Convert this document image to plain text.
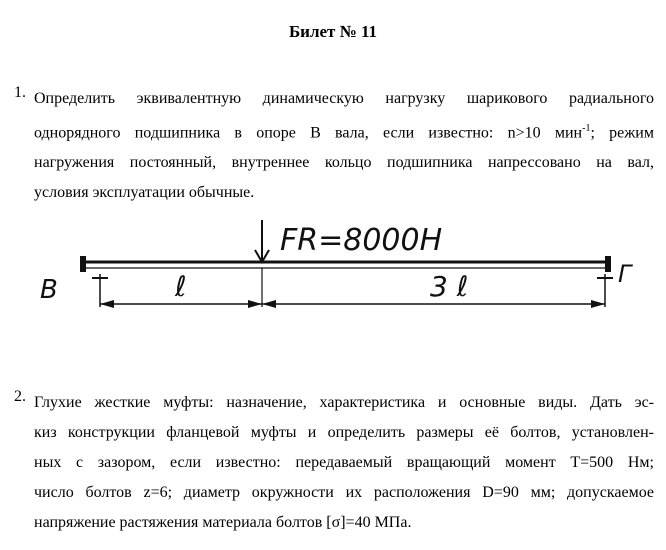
Билет № 11
1. Определить эквивалентную динамическую нагрузку шарикового радиального
однорядного подшипника в опоре В вала, если известно: n>10 мин$^{-1}$; режим
нагружения постоянный, внутреннее кольцо подшипника напрессовано на вал,
условия эксплуатации обычные.
FR=8000H
В
Г
ℓ	3 ℓ
2. Глухие жесткие муфты: назначение, характеристика и основные виды. Дать эс-
киз конструкции фланцевой муфты и определить размеры её болтов, установлен-
ных с зазором, если известно: передаваемый вращающий момент Т=500 Нм;
число болтов z=6; диаметр окружности их расположения D=90 мм; допускаемое
напряжение растяжения материала болтов [σ]=40 МПа.
